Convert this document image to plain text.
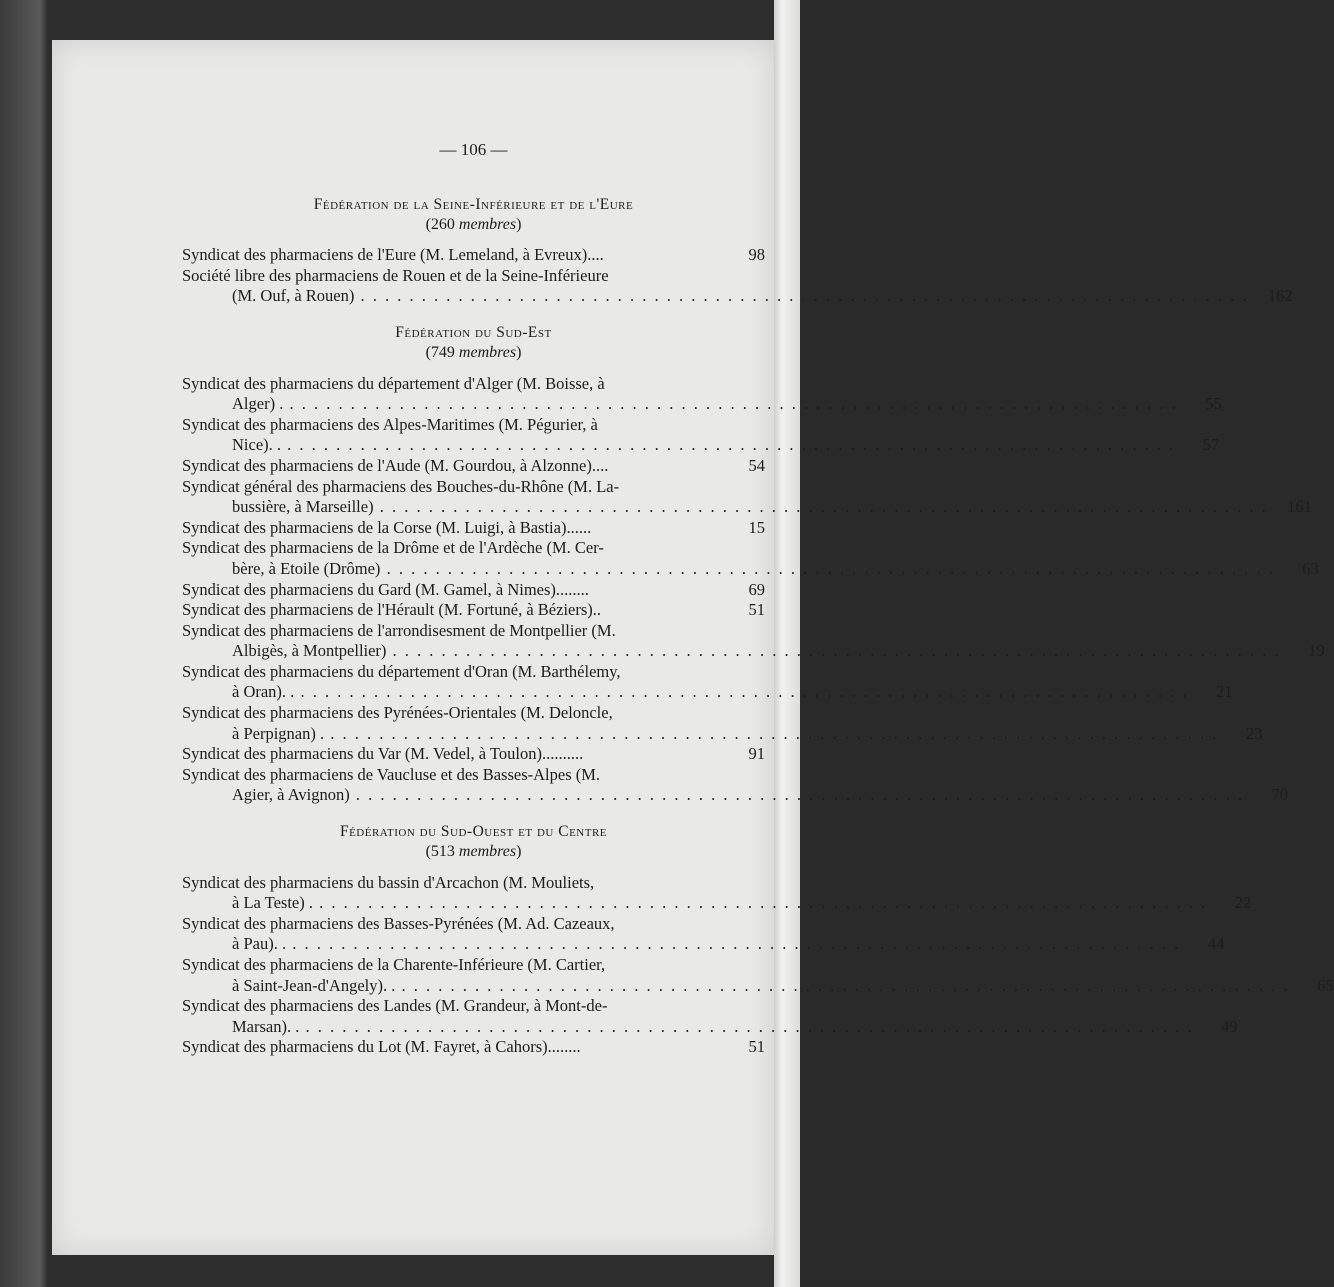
— 106 —
Fédération de la Seine-Inférieure et de l'Eure
(260 membres)
Syndicat des pharmaciens de l'Eure (M. Lemeland, à Evreux)....	98
Société libre des pharmaciens de Rouen et de la Seine-Inférieure
(M. Ouf, à Rouen) . . . . . . . . . . . . . . . . . . . . . . . . . . . . . . . . . . . . . . . . . . . . . . . . . . . . . . . . . . . . . . . . . . . . . . . . .	162
Fédération du Sud-Est
(749 membres)
Syndicat des pharmaciens du département d'Alger (M. Boisse, à
Alger) . . . . . . . . . . . . . . . . . . . . . . . . . . . . . . . . . . . . . . . . . . . . . . . . . . . . . . . . . . . . . . . . . . . . . . . . . .	55
Syndicat des pharmaciens des Alpes-Maritimes (M. Pégurier, à
Nice). . . . . . . . . . . . . . . . . . . . . . . . . . . . . . . . . . . . . . . . . . . . . . . . . . . . . . . . . . . . . . . . . . . . . . . . . . .	57
Syndicat des pharmaciens de l'Aude (M. Gourdou, à Alzonne)....	54
Syndicat général des pharmaciens des Bouches-du-Rhône (M. La-
bussière, à Marseille) . . . . . . . . . . . . . . . . . . . . . . . . . . . . . . . . . . . . . . . . . . . . . . . . . . . . . . . . . . . . . . . . . . . . . . . . .	161
Syndicat des pharmaciens de la Corse (M. Luigi, à Bastia)......	15
Syndicat des pharmaciens de la Drôme et de l'Ardèche (M. Cer-
bère, à Etoile (Drôme) . . . . . . . . . . . . . . . . . . . . . . . . . . . . . . . . . . . . . . . . . . . . . . . . . . . . . . . . . . . . . . . . . . . . . . . . .	63
Syndicat des pharmaciens du Gard (M. Gamel, à Nimes)........	69
Syndicat des pharmaciens de l'Hérault (M. Fortuné, à Béziers)..	51
Syndicat des pharmaciens de l'arrondisesment de Montpellier (M.
Albigès, à Montpellier) . . . . . . . . . . . . . . . . . . . . . . . . . . . . . . . . . . . . . . . . . . . . . . . . . . . . . . . . . . . . . . . . . . . . . . . . .	19
Syndicat des pharmaciens du département d'Oran (M. Barthélemy,
à Oran). . . . . . . . . . . . . . . . . . . . . . . . . . . . . . . . . . . . . . . . . . . . . . . . . . . . . . . . . . . . . . . . . . . . . . . . . . .	21
Syndicat des pharmaciens des Pyrénées-Orientales (M. Deloncle,
à Perpignan) . . . . . . . . . . . . . . . . . . . . . . . . . . . . . . . . . . . . . . . . . . . . . . . . . . . . . . . . . . . . . . . . . . . . . . . . . .	23
Syndicat des pharmaciens du Var (M. Vedel, à Toulon)..........	91
Syndicat des pharmaciens de Vaucluse et des Basses-Alpes (M.
Agier, à Avignon) . . . . . . . . . . . . . . . . . . . . . . . . . . . . . . . . . . . . . . . . . . . . . . . . . . . . . . . . . . . . . . . . . . . . . . . . .	70
Fédération du Sud-Ouest et du Centre
(513 membres)
Syndicat des pharmaciens du bassin d'Arcachon (M. Mouliets,
à La Teste) . . . . . . . . . . . . . . . . . . . . . . . . . . . . . . . . . . . . . . . . . . . . . . . . . . . . . . . . . . . . . . . . . . . . . . . . . .	22
Syndicat des pharmaciens des Basses-Pyrénées (M. Ad. Cazeaux,
à Pau). . . . . . . . . . . . . . . . . . . . . . . . . . . . . . . . . . . . . . . . . . . . . . . . . . . . . . . . . . . . . . . . . . . . . . . . . . .	44
Syndicat des pharmaciens de la Charente-Inférieure (M. Cartier,
à Saint-Jean-d'Angely). . . . . . . . . . . . . . . . . . . . . . . . . . . . . . . . . . . . . . . . . . . . . . . . . . . . . . . . . . . . . . . . . . . . . . . . . . .	65
Syndicat des pharmaciens des Landes (M. Grandeur, à Mont-de-
Marsan). . . . . . . . . . . . . . . . . . . . . . . . . . . . . . . . . . . . . . . . . . . . . . . . . . . . . . . . . . . . . . . . . . . . . . . . . . .	49
Syndicat des pharmaciens du Lot (M. Fayret, à Cahors)........	51
